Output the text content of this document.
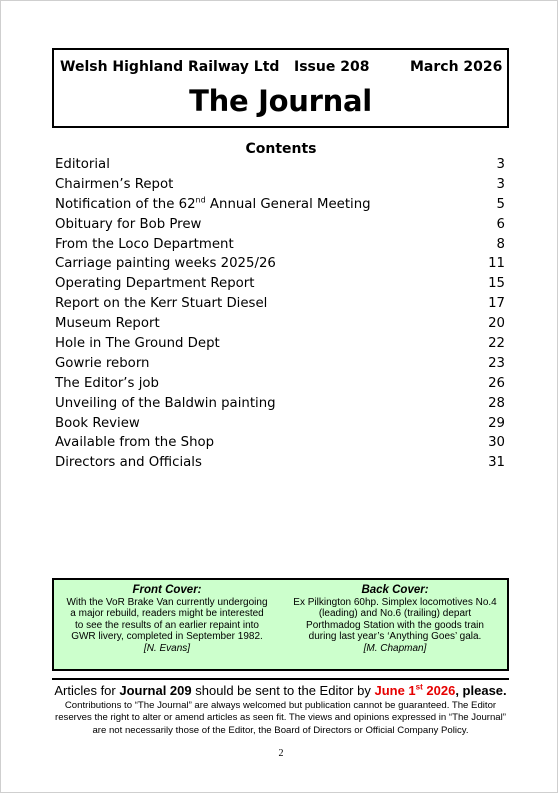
Welsh Highland Railway Ltd Issue 208	March 2026
The Journal
Contents
Editorial	3
Chairmen’s Repot	3
Notification of the 62nd Annual General Meeting	5
Obituary for Bob Prew	6
From the Loco Department	8
Carriage painting weeks 2025/26	11
Operating Department Report	15
Report on the Kerr Stuart Diesel	17
Museum Report	20
Hole in The Ground Dept	22
Gowrie reborn	23
The Editor’s job	26
Unveiling of the Baldwin painting	28
Book Review	29
Available from the Shop	30
Directors and Officials	31
Front Cover:
With the VoR Brake Van currently undergoing
a major rebuild, readers might be interested
to see the results of an earlier repaint into
GWR livery, completed in September 1982.
[N. Evans]
Back Cover:
Ex Pilkington 60hp. Simplex locomotives No.4
(leading) and No.6 (trailing) depart
Porthmadog Station with the goods train
during last year’s ‘Anything Goes’ gala.
[M. Chapman]
Articles for Journal 209 should be sent to the Editor by June 1st 2026, please.
Contributions to “The Journal” are always welcomed but publication cannot be guaranteed. The Editor reserves the right to alter or amend articles as seen fit. The views and opinions expressed in “The Journal” are not necessarily those of the Editor, the Board of Directors or Official Company Policy.
2
